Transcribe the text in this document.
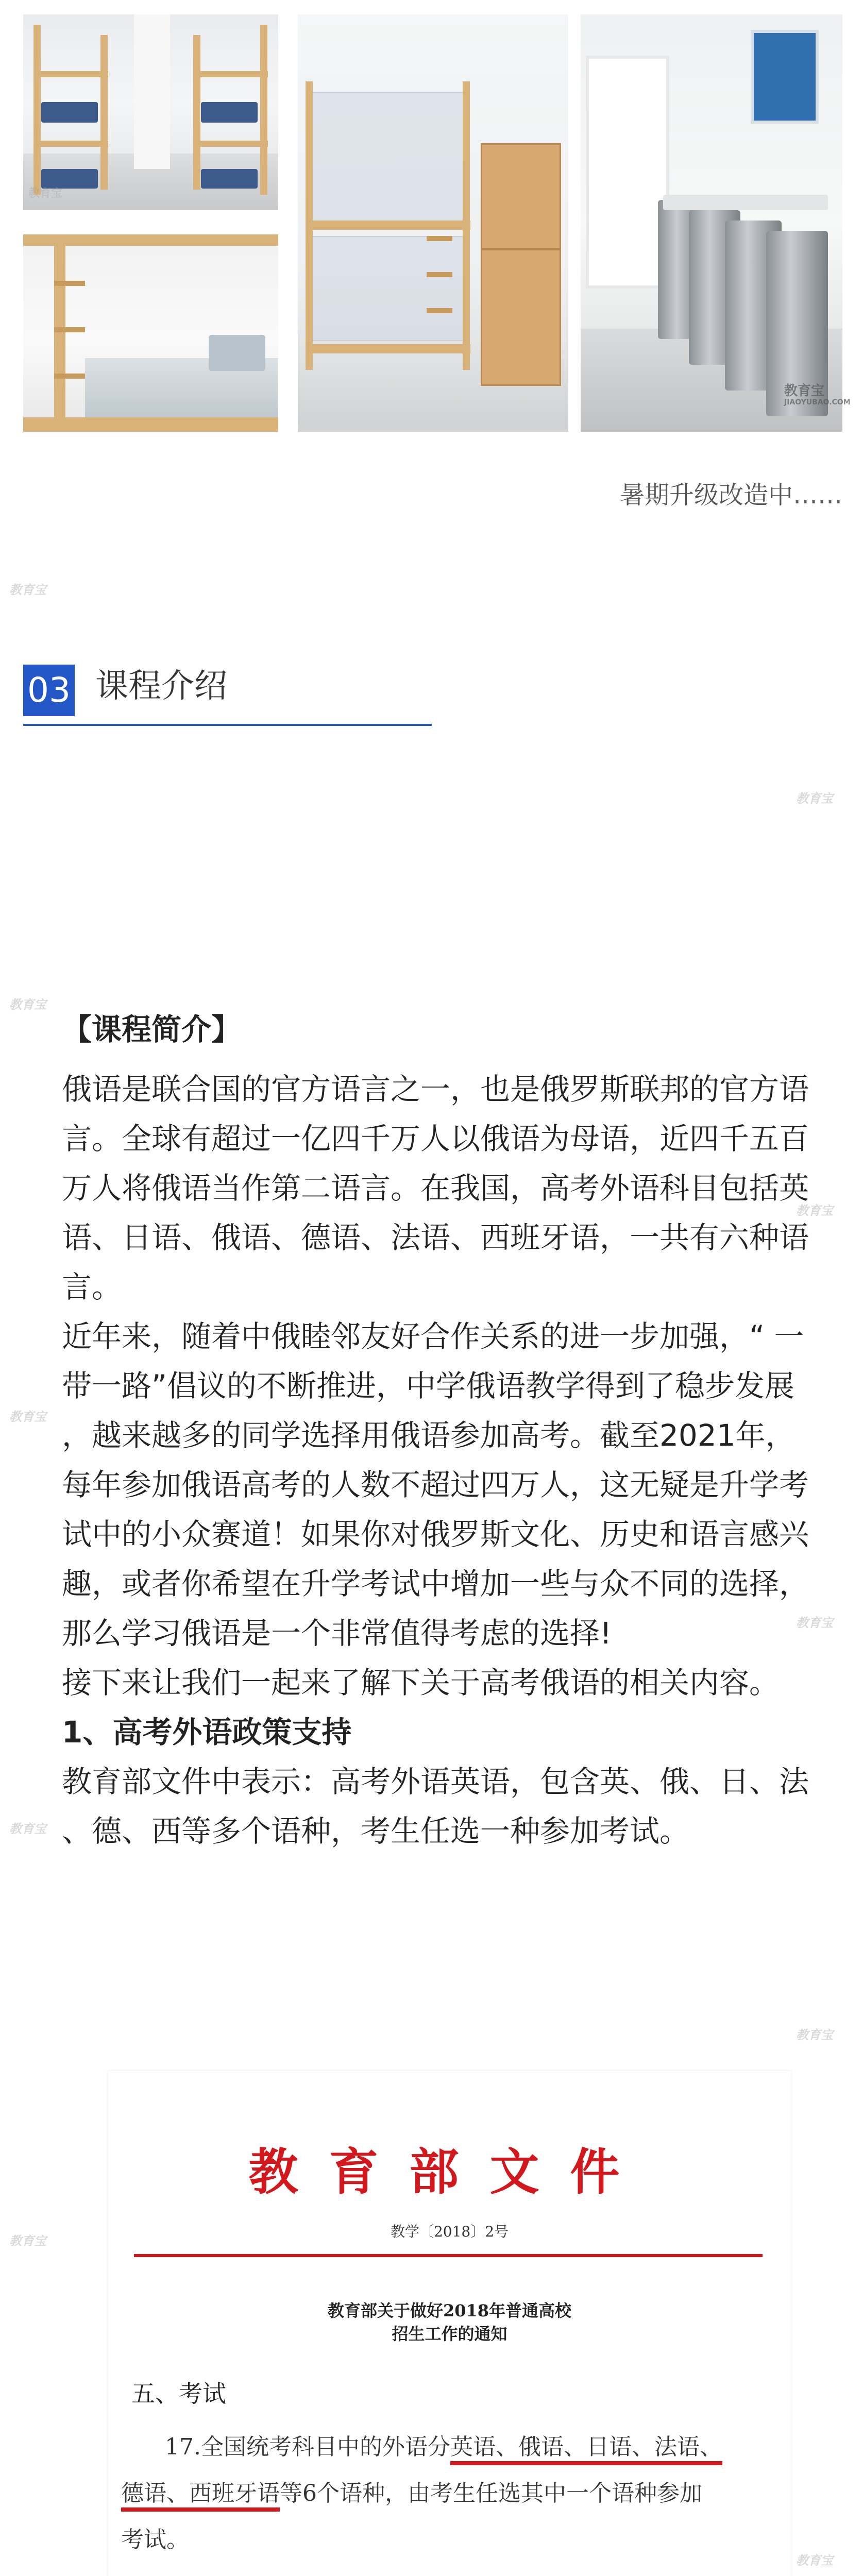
教育宝
教育宝
JIAOYUBAO.COM
暑期升级改造中……
教育宝
教育宝
教育宝
教育宝
教育宝
教育宝
教育宝
教育宝
教育宝
教育宝
03 课程介绍
【课程简介】
俄语是联合国的官方语言之一，也是俄罗斯联邦的官方语
言。全球有超过一亿四千万人以俄语为母语，近四千五百
万人将俄语当作第二语言。在我国，高考外语科目包括英
语、日语、俄语、德语、法语、西班牙语，一共有六种语
言。
近年来，随着中俄睦邻友好合作关系的进一步加强，“ 一
带一路”倡议的不断推进，中学俄语教学得到了稳步发展
，越来越多的同学选择用俄语参加高考。截至2021年，
每年参加俄语高考的人数不超过四万人，这无疑是升学考
试中的小众赛道！如果你对俄罗斯文化、历史和语言感兴
趣，或者你希望在升学考试中增加一些与众不同的选择，
那么学习俄语是一个非常值得考虑的选择!
接下来让我们一起来了解下关于高考俄语的相关内容。
1、高考外语政策支持
教育部文件中表示：高考外语英语，包含英、俄、日、法
、德、西等多个语种，考生任选一种参加考试。
教育部文件
教学〔2018〕2号
教育部关于做好2018年普通高校
招生工作的通知
五、考试
17.全国统考科目中的外语分英语、俄语、日语、法语、
德语、西班牙语等6个语种，由考生任选其中一个语种参加
考试。
